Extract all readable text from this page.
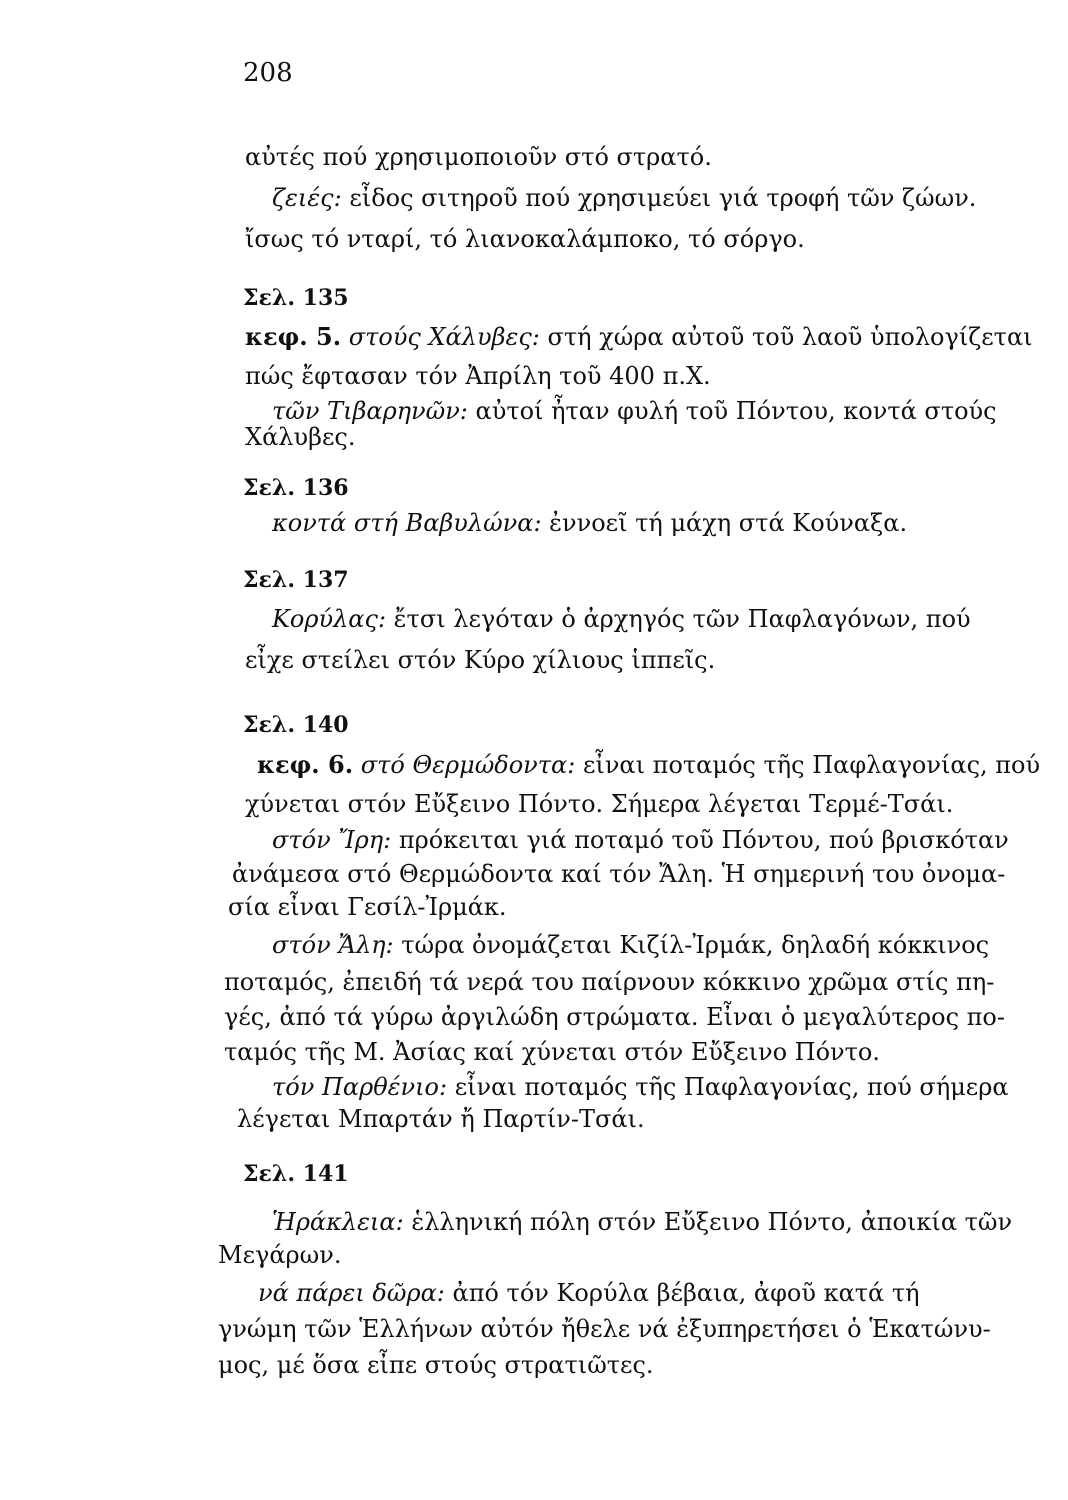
208
αὐτές πού χρησιμοποιοῦν στό στρατό.
ζειές: εἶδος σιτηροῦ πού χρησιμεύει γιά τροφή τῶν ζώων.
ἴσως τό νταρί, τό λιανοκαλάμποκο, τό σόργο.
Σελ. 135
κεφ. 5. στούς Χάλυβες: στή χώρα αὐτοῦ τοῦ λαοῦ ὑπολογίζεται
πώς ἔφτασαν τόν Ἀπρίλη τοῦ 400 π.Χ.
τῶν Τιβαρηνῶν: αὐτοί ἦταν φυλή τοῦ Πόντου, κοντά στούς
Χάλυβες.
Σελ. 136
κοντά στή Βαβυλώνα: ἐννοεῖ τή μάχη στά Κούναξα.
Σελ. 137
Κορύλας: ἔτσι λεγόταν ὁ ἀρχηγός τῶν Παφλαγόνων, πού
εἶχε στείλει στόν Κύρο χίλιους ἱππεῖς.
Σελ. 140
κεφ. 6. στό Θερμώδοντα: εἶναι ποταμός τῆς Παφλαγονίας, πού
χύνεται στόν Εὔξεινο Πόντο. Σήμερα λέγεται Τερμέ-Τσάι.
στόν Ἴρη: πρόκειται γιά ποταμό τοῦ Πόντου, πού βρισκόταν
ἀνάμεσα στό Θερμώδοντα καί τόν Ἄλη. Ἡ σημερινή του ὀνομα-
σία εἶναι Γεσίλ-Ἰρμάκ.
στόν Ἄλη: τώρα ὀνομάζεται Κιζίλ-Ἰρμάκ, δηλαδή κόκκινος
ποταμός, ἐπειδή τά νερά του παίρνουν κόκκινο χρῶμα στίς πη-
γές, ἀπό τά γύρω ἀργιλώδη στρώματα. Εἶναι ὁ μεγαλύτερος πο-
ταμός τῆς Μ. Ἀσίας καί χύνεται στόν Εὔξεινο Πόντο.
τόν Παρθένιο: εἶναι ποταμός τῆς Παφλαγονίας, πού σήμερα
λέγεται Μπαρτάν ἤ Παρτίν-Τσάι.
Σελ. 141
Ἡράκλεια: ἑλληνική πόλη στόν Εὔξεινο Πόντο, ἀποικία τῶν
Μεγάρων.
νά πάρει δῶρα: ἀπό τόν Κορύλα βέβαια, ἀφοῦ κατά τή
γνώμη τῶν Ἑλλήνων αὐτόν ἤθελε νά ἐξυπηρετήσει ὁ Ἑκατώνυ-
μος, μέ ὅσα εἶπε στούς στρατιῶτες.
